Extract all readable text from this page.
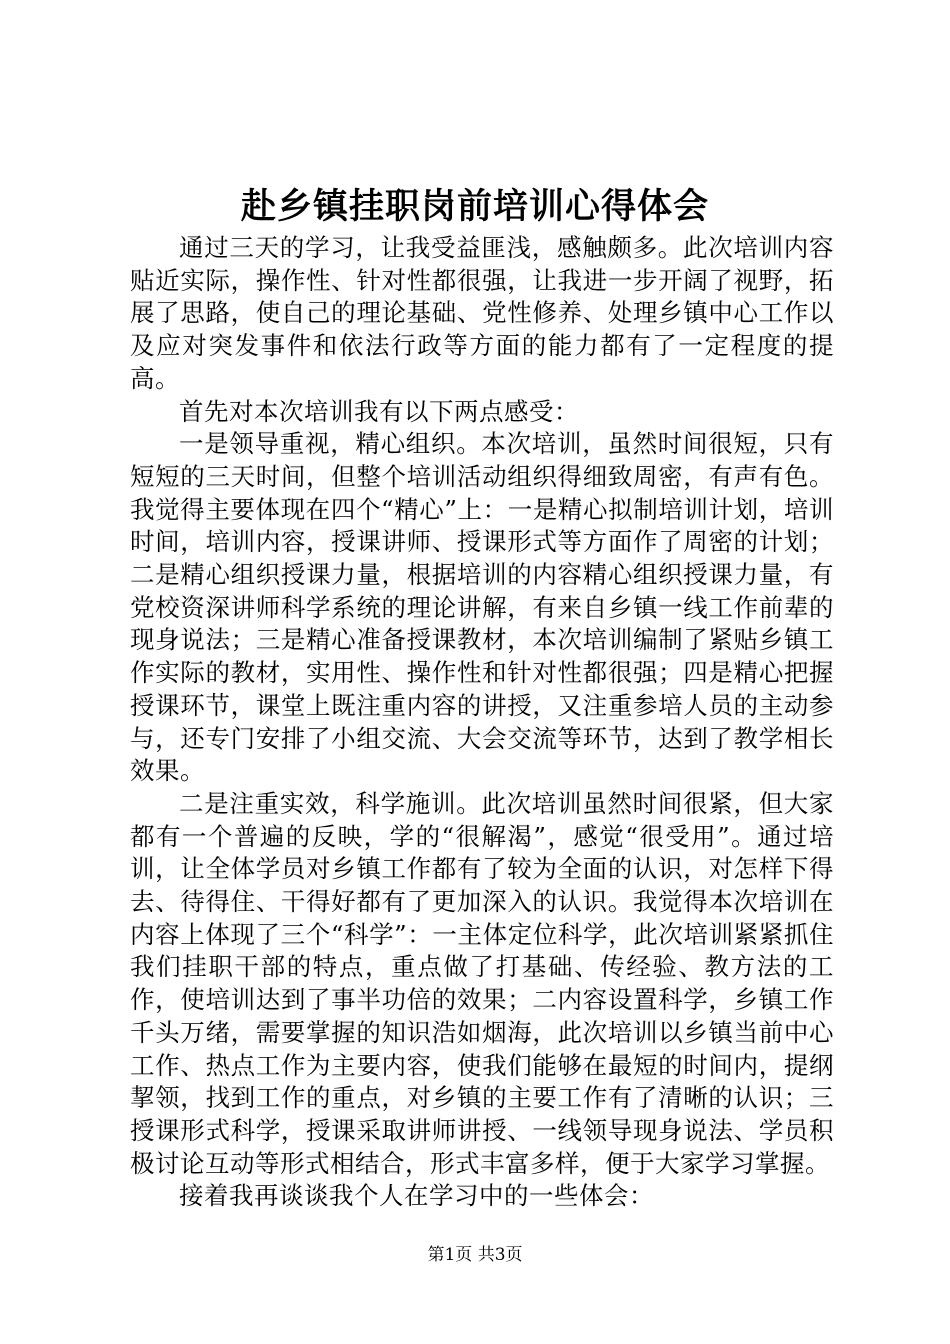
赴乡镇挂职岗前培训心得体会

通过三天的学习，让我受益匪浅，感触颇多。此次培训内容贴近实际，操作性、针对性都很强，让我进一步开阔了视野，拓展了思路，使自己的理论基础、党性修养、处理乡镇中心工作以及应对突发事件和依法行政等方面的能力都有了一定程度的提高。

首先对本次培训我有以下两点感受：

一是领导重视，精心组织。本次培训，虽然时间很短，只有短短的三天时间，但整个培训活动组织得细致周密，有声有色。我觉得主要体现在四个“精心”上：一是精心拟制培训计划，培训时间，培训内容，授课讲师、授课形式等方面作了周密的计划；二是精心组织授课力量，根据培训的内容精心组织授课力量，有党校资深讲师科学系统的理论讲解，有来自乡镇一线工作前辈的现身说法；三是精心准备授课教材，本次培训编制了紧贴乡镇工作实际的教材，实用性、操作性和针对性都很强；四是精心把握授课环节，课堂上既注重内容的讲授，又注重参培人员的主动参与，还专门安排了小组交流、大会交流等环节，达到了教学相长效果。

二是注重实效，科学施训。此次培训虽然时间很紧，但大家都有一个普遍的反映，学的“很解渴”，感觉“很受用”。通过培训，让全体学员对乡镇工作都有了较为全面的认识，对怎样下得去、待得住、干得好都有了更加深入的认识。我觉得本次培训在内容上体现了三个“科学”：一主体定位科学，此次培训紧紧抓住我们挂职干部的特点，重点做了打基础、传经验、教方法的工作，使培训达到了事半功倍的效果；二内容设置科学，乡镇工作千头万绪，需要掌握的知识浩如烟海，此次培训以乡镇当前中心工作、热点工作为主要内容，使我们能够在最短的时间内，提纲挈领，找到工作的重点，对乡镇的主要工作有了清晰的认识；三授课形式科学，授课采取讲师讲授、一线领导现身说法、学员积极讨论互动等形式相结合，形式丰富多样，便于大家学习掌握。

接着我再谈谈我个人在学习中的一些体会：

第1页 共3页
